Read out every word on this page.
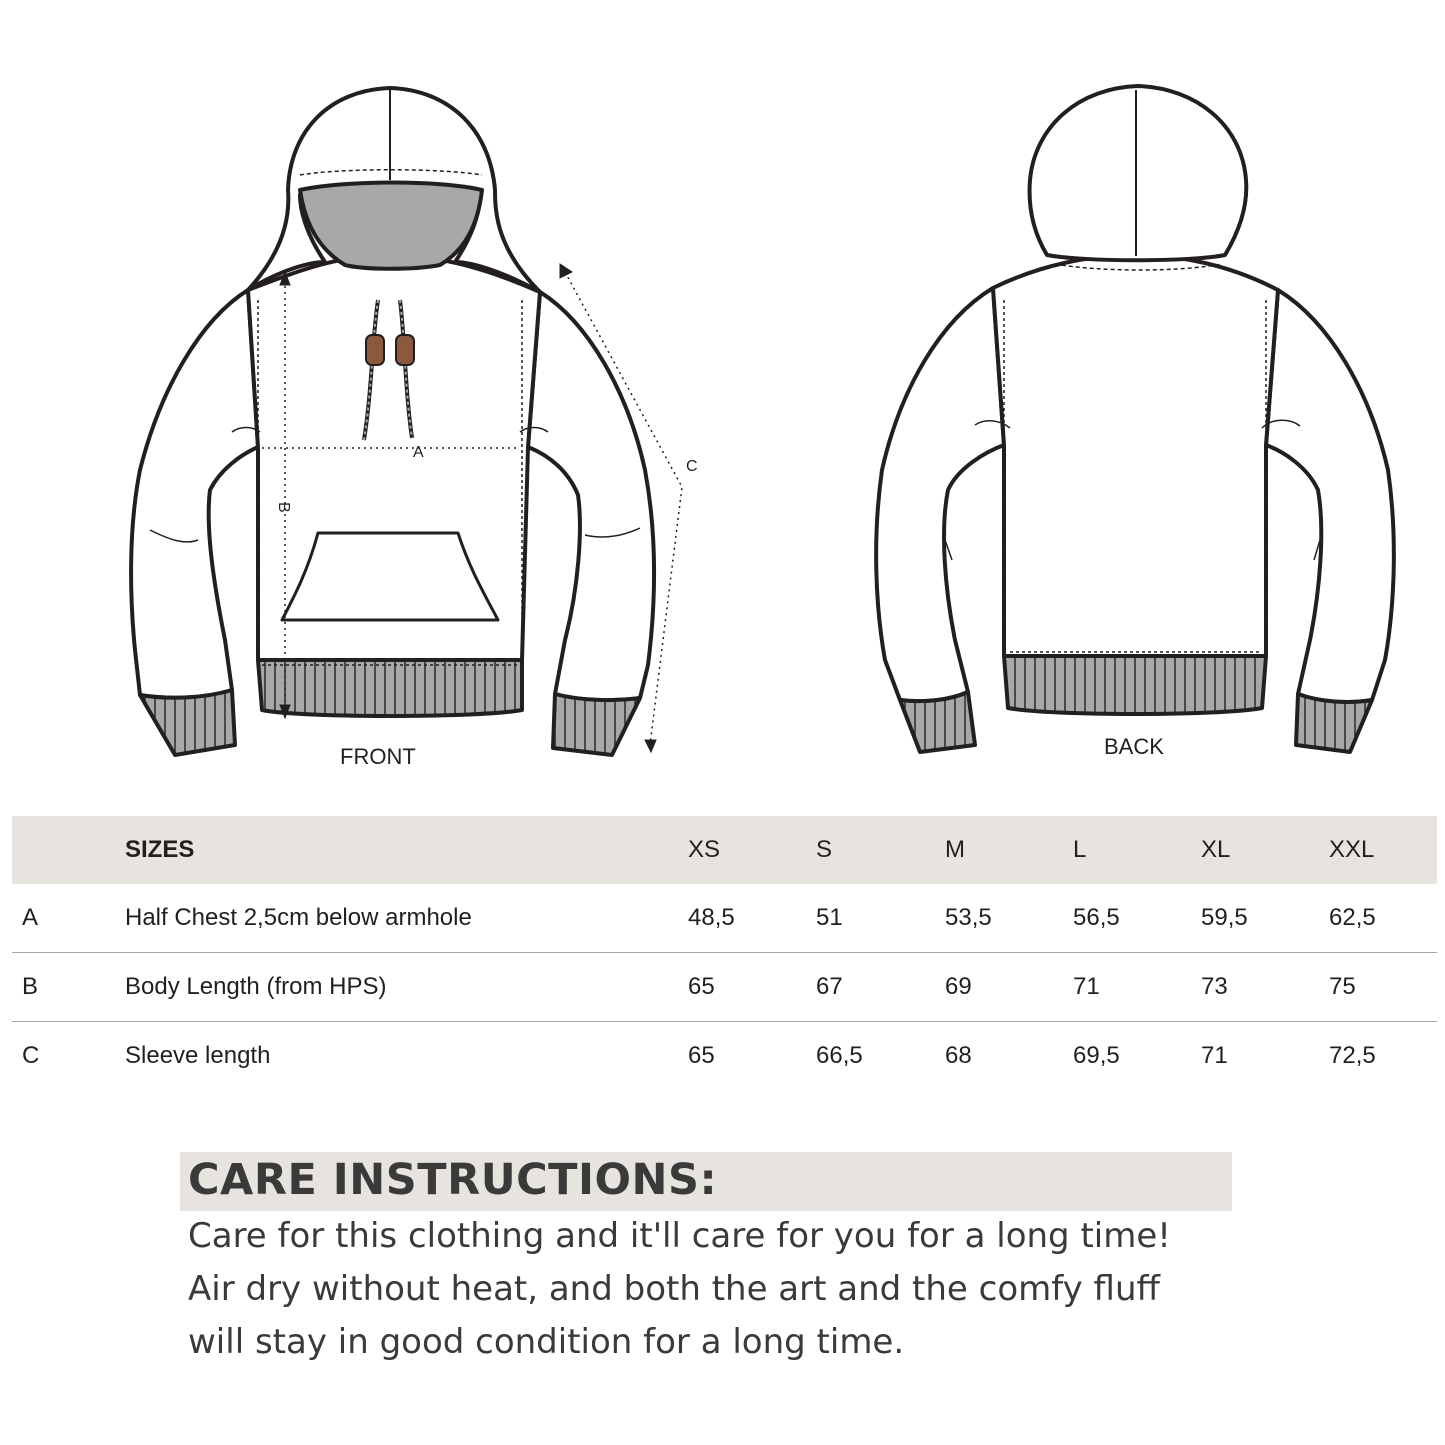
A
B
C
FRONT	BACK
SIZES	XS	S	M	L	XL	XXL
A	Half Chest 2,5cm below armhole	48,5	51	53,5	56,5	59,5	62,5
B	Body Length (from HPS)	65	67	69	71	73	75
C	Sleeve length	65	66,5	68	69,5	71	72,5
CARE INSTRUCTIONS:
Care for this clothing and it'll care for you for a long time!
Air dry without heat, and both the art and the comfy fluff
will stay in good condition for a long time.
